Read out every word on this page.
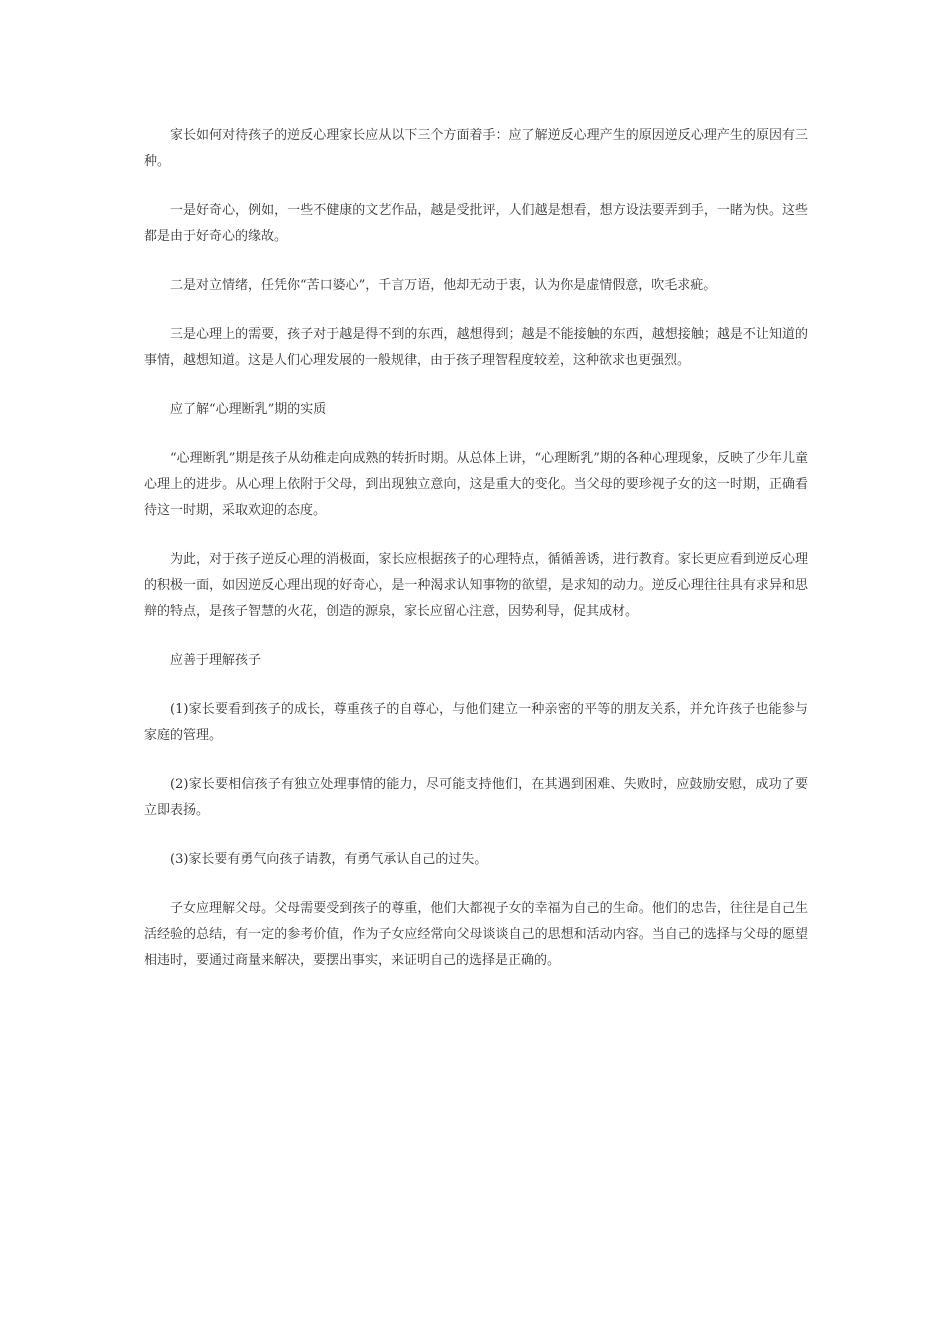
家长如何对待孩子的逆反心理家长应从以下三个方面着手：应了解逆反心理产生的原因逆反心理产生的原因有三种。

一是好奇心，例如，一些不健康的文艺作品，越是受批评，人们越是想看，想方设法要弄到手，一睹为快。这些都是由于好奇心的缘故。

二是对立情绪，任凭你“苦口婆心”，千言万语，他却无动于衷，认为你是虚情假意，吹毛求疵。

三是心理上的需要，孩子对于越是得不到的东西，越想得到；越是不能接触的东西，越想接触；越是不让知道的事情，越想知道。这是人们心理发展的一般规律，由于孩子理智程度较差，这种欲求也更强烈。

应了解“心理断乳”期的实质

“心理断乳”期是孩子从幼稚走向成熟的转折时期。从总体上讲，“心理断乳”期的各种心理现象，反映了少年儿童心理上的进步。从心理上依附于父母，到出现独立意向，这是重大的变化。当父母的要珍视子女的这一时期，正确看待这一时期，采取欢迎的态度。

为此，对于孩子逆反心理的消极面，家长应根据孩子的心理特点，循循善诱，进行教育。家长更应看到逆反心理的积极一面，如因逆反心理出现的好奇心，是一种渴求认知事物的欲望，是求知的动力。逆反心理往往具有求异和思辩的特点，是孩子智慧的火花，创造的源泉，家长应留心注意，因势利导，促其成材。

应善于理解孩子

(1)家长要看到孩子的成长，尊重孩子的自尊心，与他们建立一种亲密的平等的朋友关系，并允许孩子也能参与家庭的管理。

(2)家长要相信孩子有独立处理事情的能力，尽可能支持他们，在其遇到困难、失败时，应鼓励安慰，成功了要立即表扬。

(3)家长要有勇气向孩子请教，有勇气承认自己的过失。

子女应理解父母。父母需要受到孩子的尊重，他们大都视子女的幸福为自己的生命。他们的忠告，往往是自己生活经验的总结，有一定的参考价值，作为子女应经常向父母谈谈自己的思想和活动内容。当自己的选择与父母的愿望相违时，要通过商量来解决，要摆出事实，来证明自己的选择是正确的。
